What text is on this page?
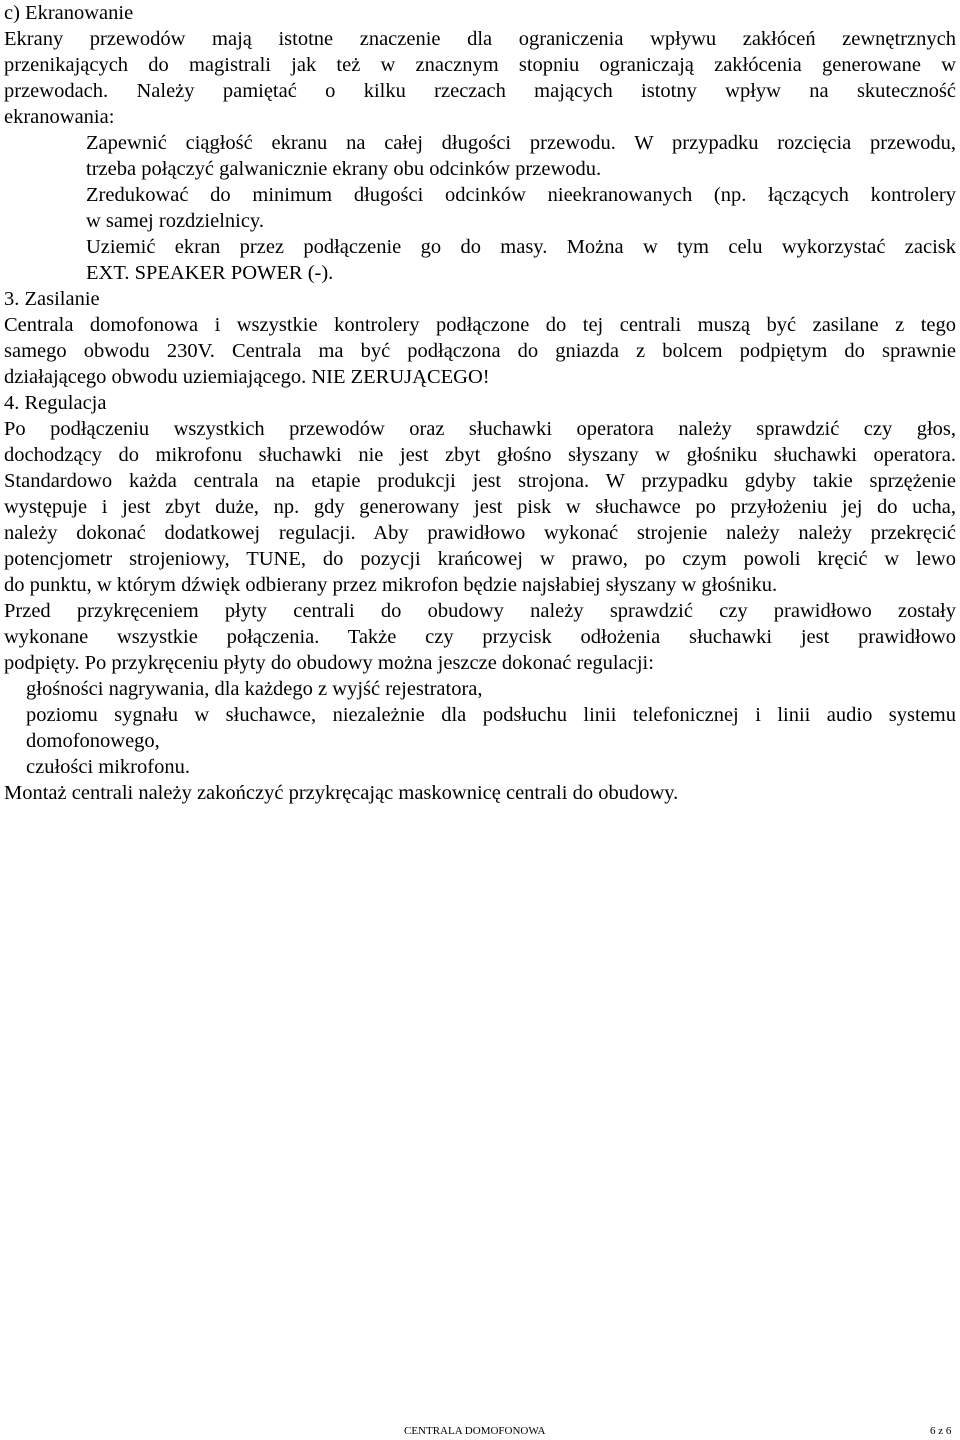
c) Ekranowanie
Ekrany przewodów mają istotne znaczenie dla ograniczenia wpływu zakłóceń zewnętrznych
przenikających do magistrali jak też w znacznym stopniu ograniczają zakłócenia generowane w
przewodach. Należy pamiętać o kilku rzeczach mających istotny wpływ na skuteczność
ekranowania:
Zapewnić ciągłość ekranu na całej długości przewodu. W przypadku rozcięcia przewodu,
trzeba połączyć galwanicznie ekrany obu odcinków przewodu.
Zredukować do minimum długości odcinków nieekranowanych (np. łączących kontrolery
w samej rozdzielnicy.
Uziemić ekran przez podłączenie go do masy. Można w tym celu wykorzystać zacisk
EXT. SPEAKER POWER (-).
3. Zasilanie
Centrala domofonowa i wszystkie kontrolery podłączone do tej centrali muszą być zasilane z tego
samego obwodu 230V. Centrala ma być podłączona do gniazda z bolcem podpiętym do sprawnie
działającego obwodu uziemiającego. NIE ZERUJĄCEGO!
4. Regulacja
Po podłączeniu wszystkich przewodów oraz słuchawki operatora należy sprawdzić czy głos,
dochodzący do mikrofonu słuchawki nie jest zbyt głośno słyszany w głośniku słuchawki operatora.
Standardowo każda centrala na etapie produkcji jest strojona. W przypadku gdyby takie sprzężenie
występuje i jest zbyt duże, np. gdy generowany jest pisk w słuchawce po przyłożeniu jej do ucha,
należy dokonać dodatkowej regulacji. Aby prawidłowo wykonać strojenie należy należy przekręcić
potencjometr strojeniowy, TUNE, do pozycji krańcowej w prawo, po czym powoli kręcić w lewo
do punktu, w którym dźwięk odbierany przez mikrofon będzie najsłabiej słyszany w głośniku.
Przed przykręceniem płyty centrali do obudowy należy sprawdzić czy prawidłowo zostały
wykonane wszystkie połączenia. Także czy przycisk odłożenia słuchawki jest prawidłowo
podpięty. Po przykręceniu płyty do obudowy można jeszcze dokonać regulacji:
głośności nagrywania, dla każdego z wyjść rejestratora,
poziomu sygnału w słuchawce, niezależnie dla podsłuchu linii telefonicznej i linii audio systemu
domofonowego,
czułości mikrofonu.
Montaż centrali należy zakończyć przykręcając maskownicę centrali do obudowy.
CENTRALA DOMOFONOWA	6 z 6
